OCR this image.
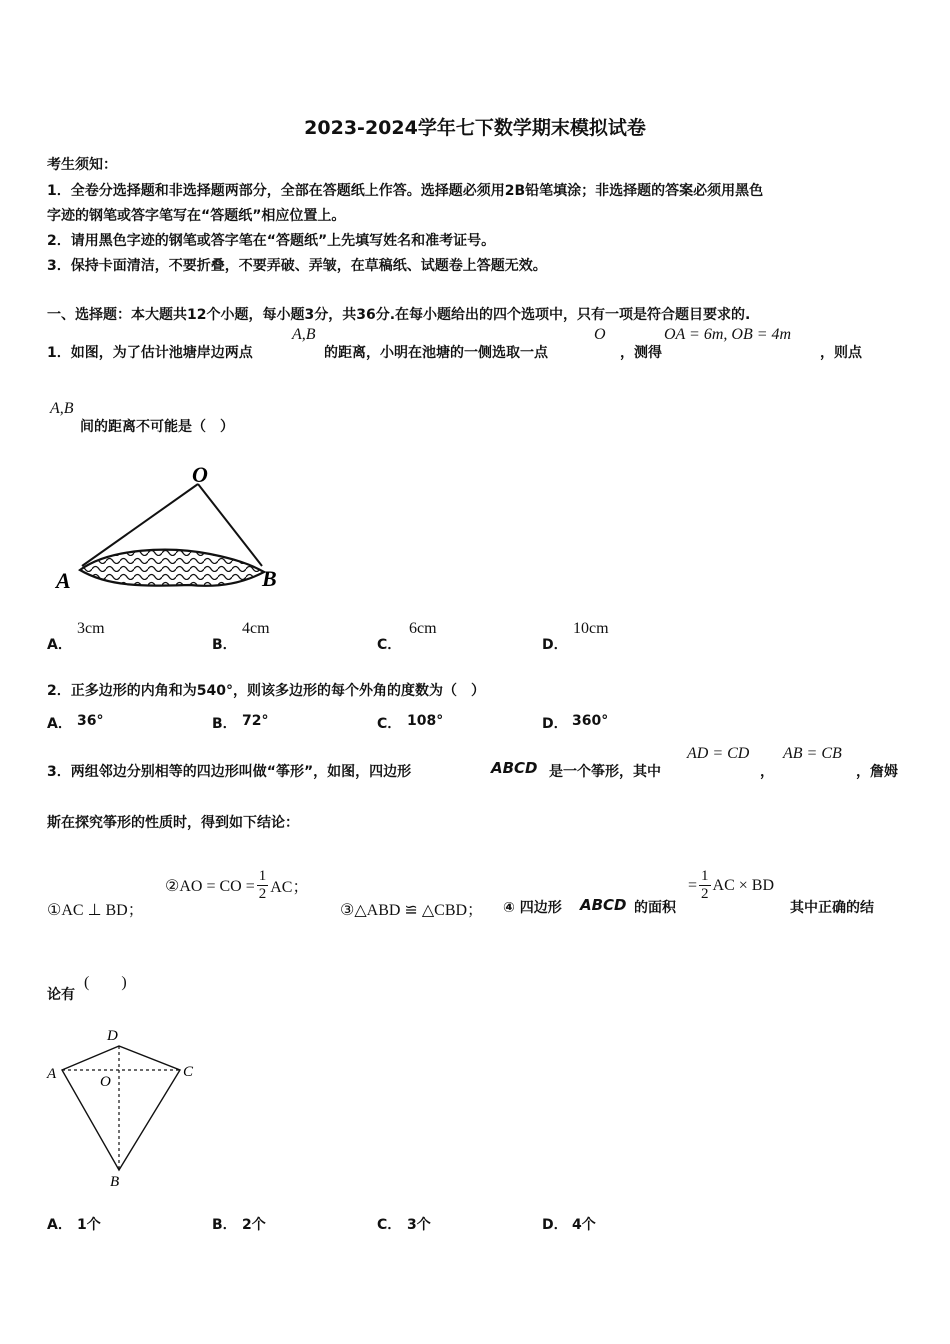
2023-2024学年七下数学期末模拟试卷
考生须知：
1．全卷分选择题和非选择题两部分，全部在答题纸上作答。选择题必须用2B铅笔填涂；非选择题的答案必须用黑色
字迹的钢笔或答字笔写在“答题纸”相应位置上。
2．请用黑色字迹的钢笔或答字笔在“答题纸”上先填写姓名和准考证号。
3．保持卡面清洁，不要折叠，不要弄破、弄皱，在草稿纸、试题卷上答题无效。
一、选择题：本大题共12个小题，每小题3分，共36分.在每小题给出的四个选项中，只有一项是符合题目要求的.
1．如图，为了估计池塘岸边两点
A,B
的距离，小明在池塘的一侧选取一点
O
，测得
OA = 6m, OB = 4m
，则点
A,B
间的距离不可能是（　）
O
A	B
A．
3cm
B．
4cm
C．
6cm
D．
10cm
2．正多边形的内角和为540°，则该多边形的每个外角的度数为（　）
A． 36°	B． 72°	C． 108°	D． 360°
3．两组邻边分别相等的四边形叫做“筝形”，如图，四边形	ABCD 是一个筝形，其中
AD = CD
，
AB = CB
，詹姆
斯在探究筝形的性质时，得到如下结论：
①AC ⊥ BD；
②AO = CO = $\frac{1}{2}$ AC；
③△ABD ≌ △CBD； ④ 四边形 ABCD 的面积
= $\frac{1}{2}$ AC × BD
其中正确的结
论有
(　　)
D
A	C
O
B
A． 1个	B． 2个	C． 3个	D． 4个
